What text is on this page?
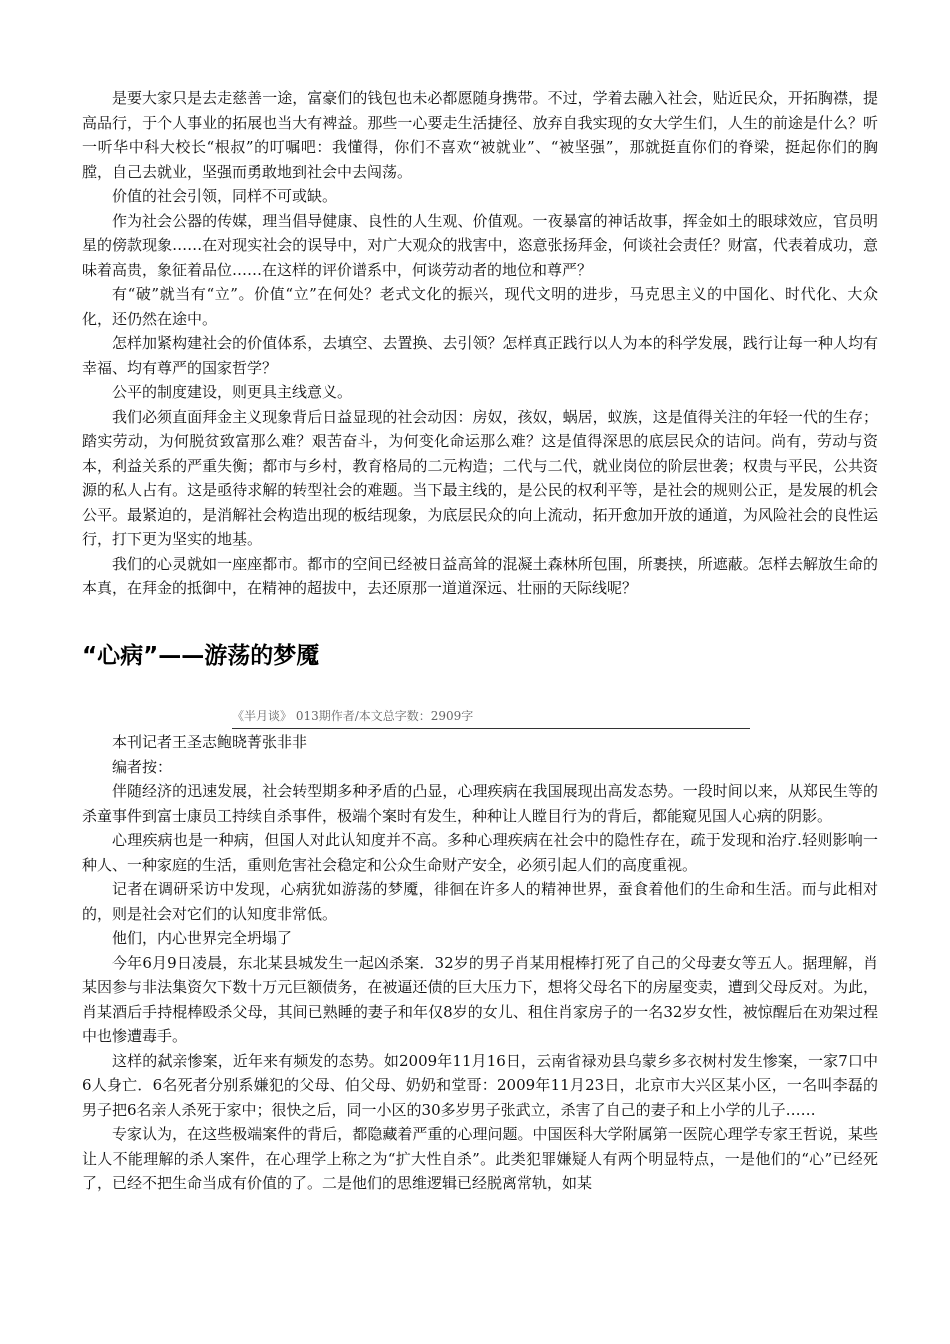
是要大家只是去走慈善一途，富豪们的钱包也未必都愿随身携带。不过，学着去融入社会，贴近民众，开拓胸襟，提高品行，于个人事业的拓展也当大有裨益。那些一心要走生活捷径、放弃自我实现的女大学生们，人生的前途是什么？听一听华中科大校长“根叔”的叮嘱吧：我懂得，你们不喜欢“被就业”、“被坚强”，那就挺直你们的脊梁，挺起你们的胸膛，自己去就业，坚强而勇敢地到社会中去闯荡。

价值的社会引领，同样不可或缺。

作为社会公器的传媒，理当倡导健康、良性的人生观、价值观。一夜暴富的神话故事，挥金如土的眼球效应，官员明星的傍款现象……在对现实社会的误导中，对广大观众的戕害中，恣意张扬拜金，何谈社会责任？财富，代表着成功，意味着高贵，象征着品位……在这样的评价谱系中，何谈劳动者的地位和尊严？

有“破”就当有“立”。价值“立”在何处？老式文化的振兴，现代文明的进步，马克思主义的中国化、时代化、大众化，还仍然在途中。

怎样加紧构建社会的价值体系，去填空、去置换、去引领？怎样真正践行以人为本的科学发展，践行让每一种人均有幸福、均有尊严的国家哲学？

公平的制度建设，则更具主线意义。

我们必须直面拜金主义现象背后日益显现的社会动因：房奴，孩奴，蜗居，蚁族，这是值得关注的年轻一代的生存；踏实劳动，为何脱贫致富那么难？艰苦奋斗，为何变化命运那么难？这是值得深思的底层民众的诘问。尚有，劳动与资本，利益关系的严重失衡；都市与乡村，教育格局的二元构造；二代与二代，就业岗位的阶层世袭；权贵与平民，公共资源的私人占有。这是亟待求解的转型社会的难题。当下最主线的，是公民的权利平等，是社会的规则公正，是发展的机会公平。最紧迫的，是消解社会构造出现的板结现象，为底层民众的向上流动，拓开愈加开放的通道，为风险社会的良性运行，打下更为坚实的地基。

我们的心灵就如一座座都市。都市的空间已经被日益高耸的混凝土森林所包围，所裹挟，所遮蔽。怎样去解放生命的本真，在拜金的抵御中，在精神的超拔中，去还原那一道道深远、壮丽的天际线呢？

“心病”——游荡的梦魇
《半月谈》 013期作者/本文总字数：2909字

本刊记者王圣志鲍晓菁张非非

编者按：

伴随经济的迅速发展，社会转型期多种矛盾的凸显，心理疾病在我国展现出高发态势。一段时间以来，从郑民生等的杀童事件到富士康员工持续自杀事件，极端个案时有发生，种种让人瞠目行为的背后，都能窥见国人心病的阴影。

心理疾病也是一种病，但国人对此认知度并不高。多种心理疾病在社会中的隐性存在，疏于发现和治疗.轻则影响一种人、一种家庭的生活，重则危害社会稳定和公众生命财产安全，必须引起人们的高度重视。

记者在调研采访中发现，心病犹如游荡的梦魇，徘徊在许多人的精神世界，蚕食着他们的生命和生活。而与此相对的，则是社会对它们的认知度非常低。

他们，内心世界完全坍塌了

今年6月9日凌晨，东北某县城发生一起凶杀案．32岁的男子肖某用棍棒打死了自己的父母妻女等五人。据理解，肖某因参与非法集资欠下数十万元巨额债务，在被逼还债的巨大压力下，想将父母名下的房屋变卖，遭到父母反对。为此，肖某酒后手持棍棒殴杀父母，其间已熟睡的妻子和年仅8岁的女儿、租住肖家房子的一名32岁女性，被惊醒后在劝架过程中也惨遭毒手。

这样的弑亲惨案，近年来有频发的态势。如2009年11月16日，云南省禄劝县乌蒙乡多衣树村发生惨案，一家7口中6人身亡．6名死者分别系嫌犯的父母、伯父母、奶奶和堂哥：2009年11月23日，北京市大兴区某小区，一名叫李磊的男子把6名亲人杀死于家中；很快之后，同一小区的30多岁男子张武立，杀害了自己的妻子和上小学的儿子……

专家认为，在这些极端案件的背后，都隐藏着严重的心理问题。中国医科大学附属第一医院心理学专家王哲说，某些让人不能理解的杀人案件，在心理学上称之为“扩大性自杀”。此类犯罪嫌疑人有两个明显特点，一是他们的“心”已经死了，已经不把生命当成有价值的了。二是他们的思维逻辑已经脱离常轨，如某
